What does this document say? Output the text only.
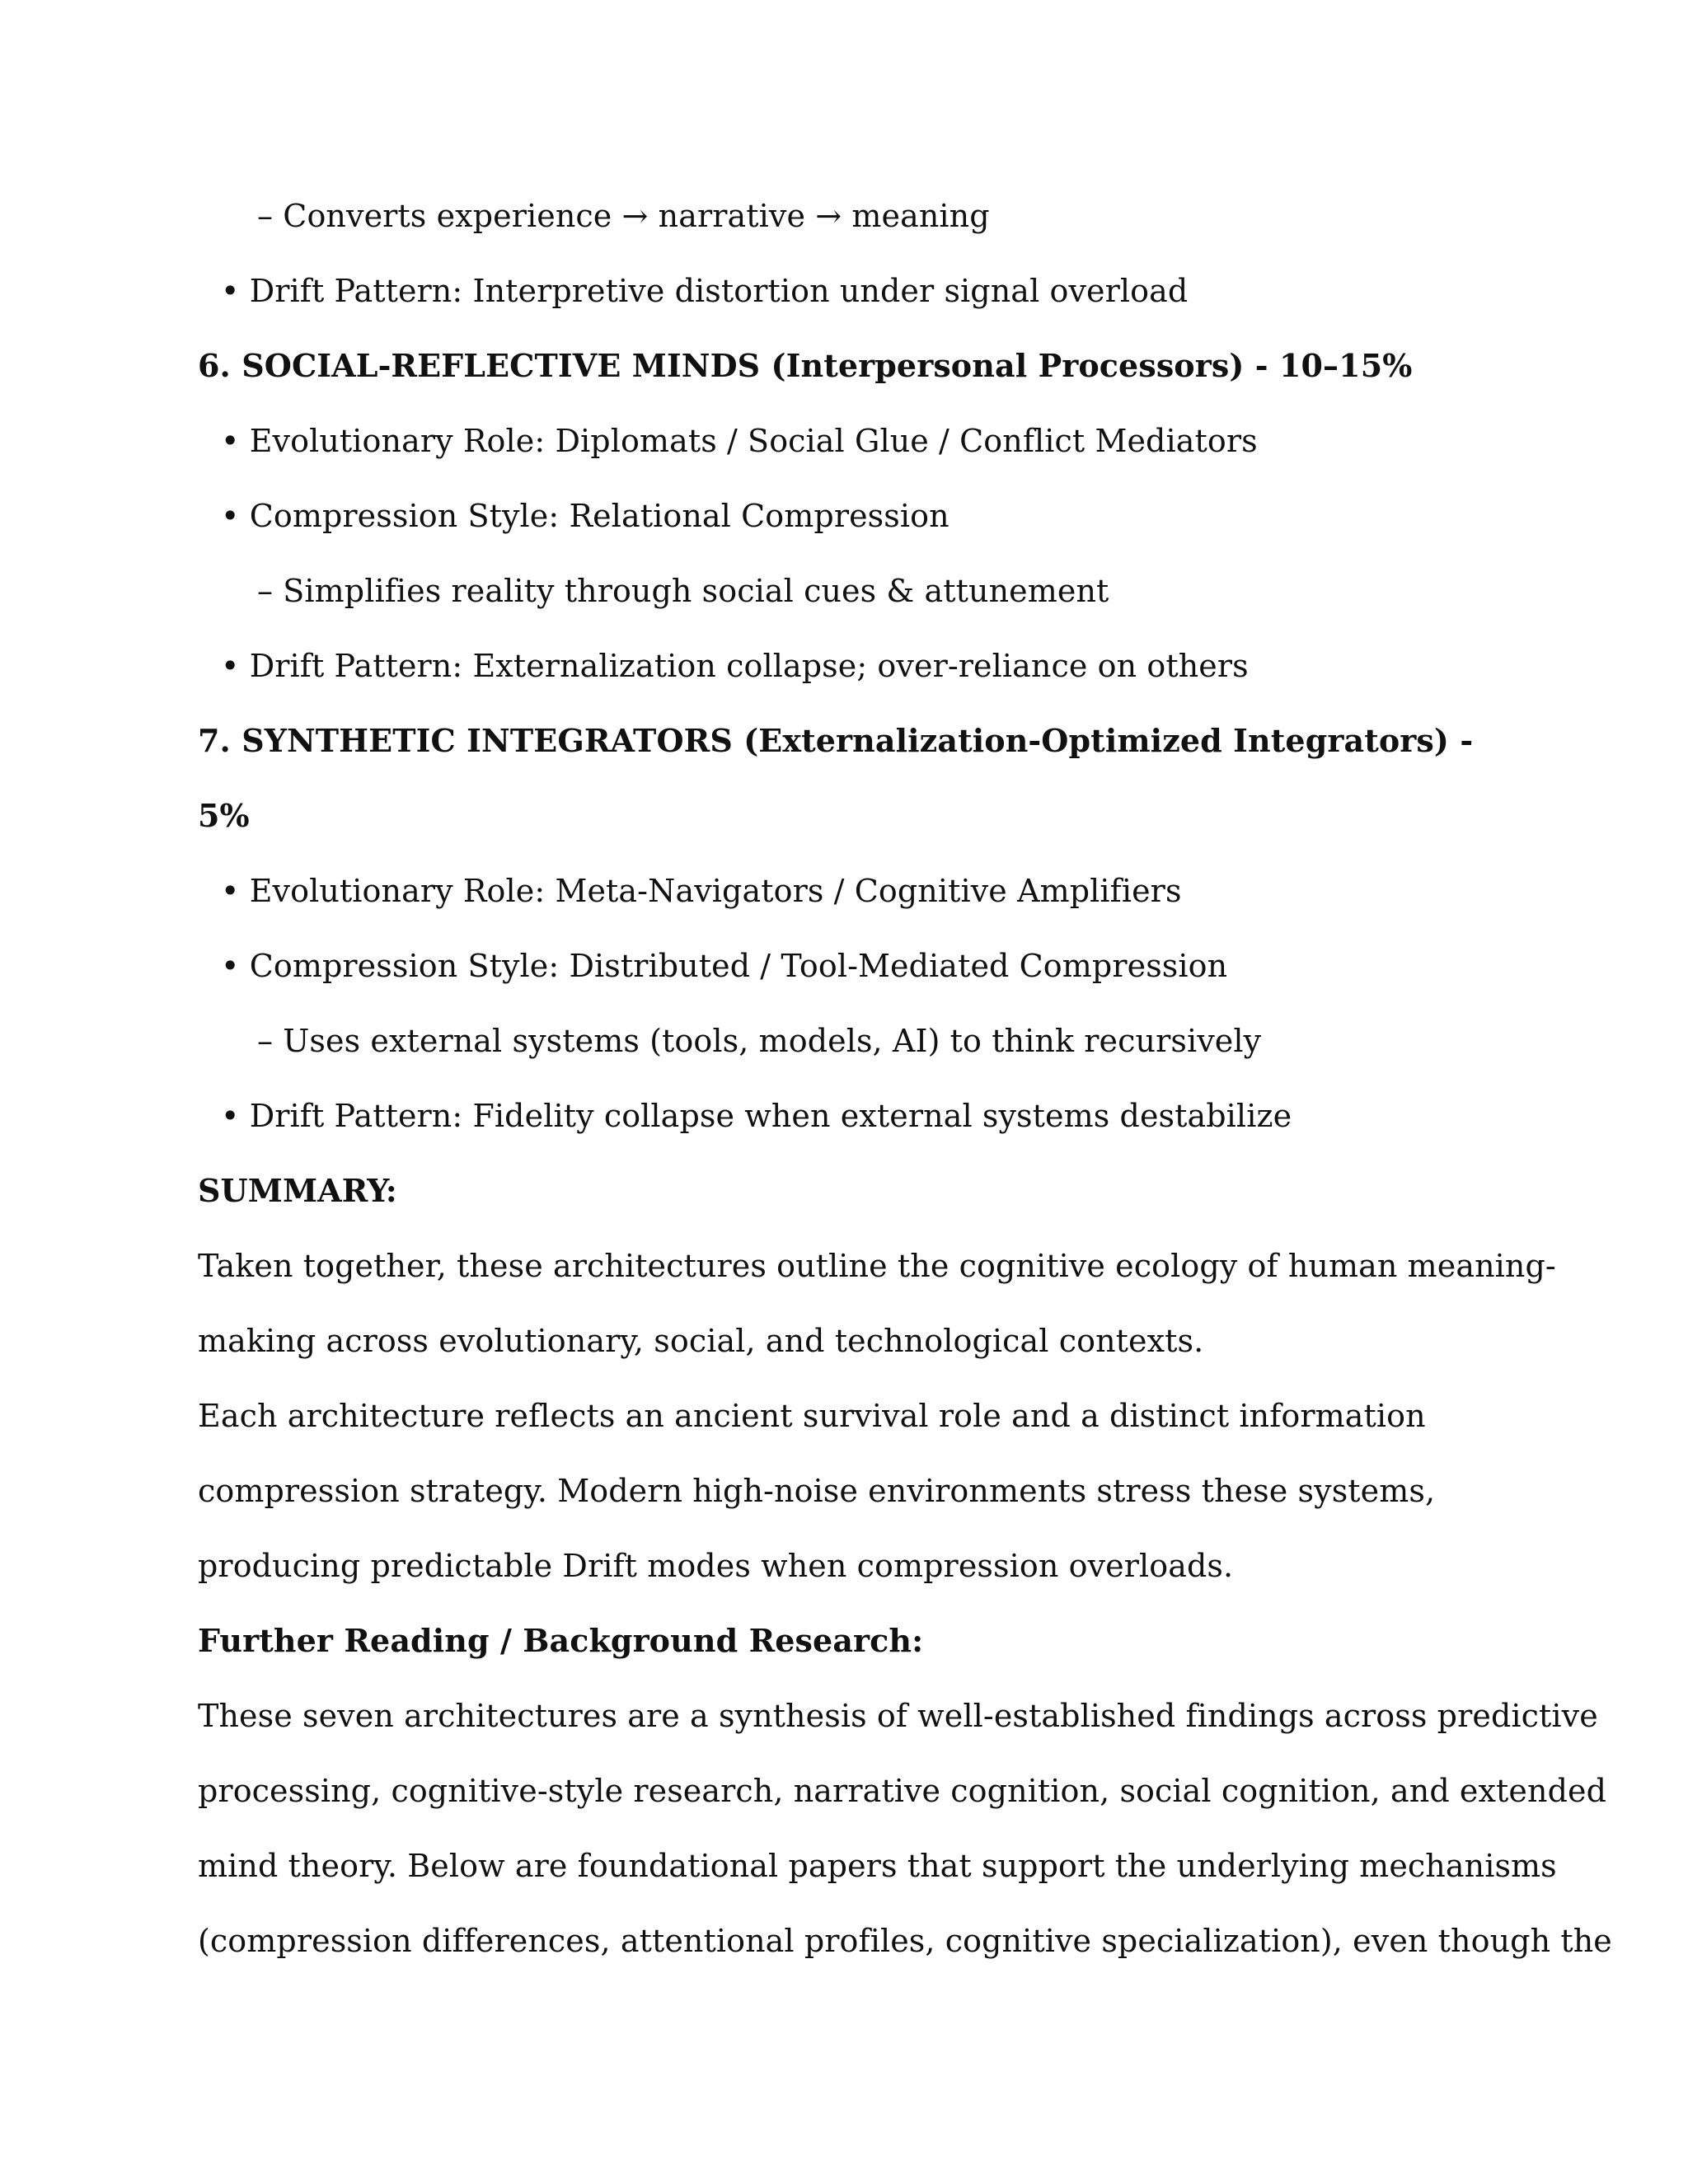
– Converts experience → narrative → meaning
• Drift Pattern: Interpretive distortion under signal overload
6. SOCIAL-REFLECTIVE MINDS (Interpersonal Processors) - 10–15%
• Evolutionary Role: Diplomats / Social Glue / Conflict Mediators
• Compression Style: Relational Compression
– Simplifies reality through social cues & attunement
• Drift Pattern: Externalization collapse; over-reliance on others
7. SYNTHETIC INTEGRATORS (Externalization-Optimized Integrators) -
5%
• Evolutionary Role: Meta-Navigators / Cognitive Amplifiers
• Compression Style: Distributed / Tool-Mediated Compression
– Uses external systems (tools, models, AI) to think recursively
• Drift Pattern: Fidelity collapse when external systems destabilize
SUMMARY:
Taken together, these architectures outline the cognitive ecology of human meaning-
making across evolutionary, social, and technological contexts.
Each architecture reflects an ancient survival role and a distinct information
compression strategy. Modern high-noise environments stress these systems,
producing predictable Drift modes when compression overloads.
Further Reading / Background Research:
These seven architectures are a synthesis of well-established findings across predictive
processing, cognitive-style research, narrative cognition, social cognition, and extended
mind theory. Below are foundational papers that support the underlying mechanisms
(compression differences, attentional profiles, cognitive specialization), even though the
